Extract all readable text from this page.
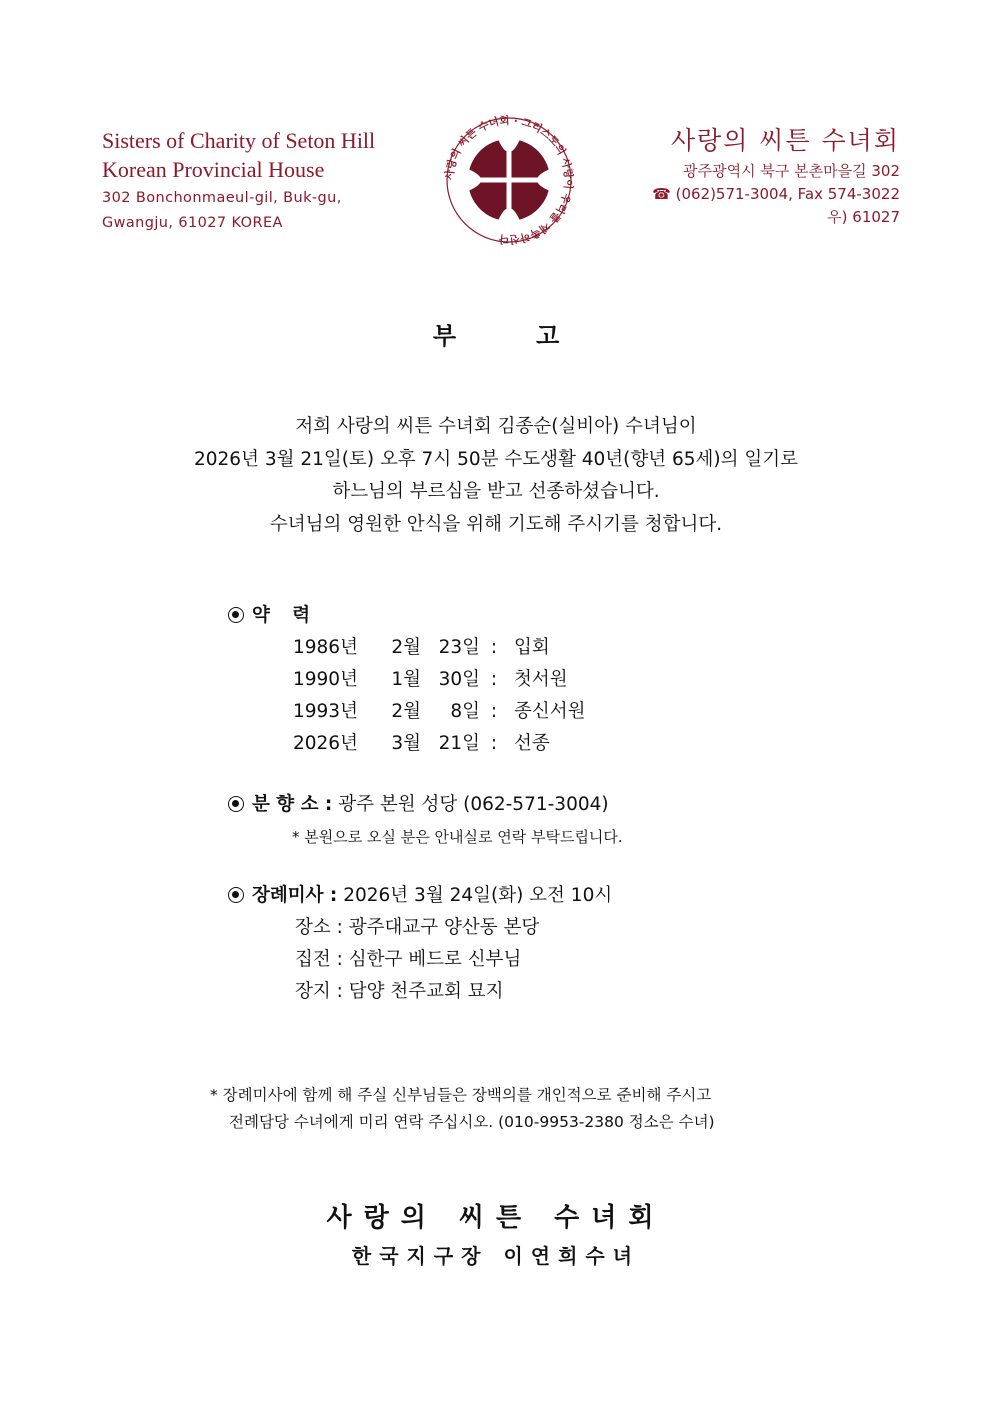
Sisters of Charity of Seton Hill
Korean Provincial House
302 Bonchonmaeul-gil, Buk-gu,
Gwangju, 61027 KOREA
사랑의 씨튼 수녀회 · 그리스도의 사랑이 우리를 재촉하신다
사랑의 씨튼 수녀회
광주광역시 북구 본촌마을길 302
☎ (062)571-3004, Fax 574-3022
우) 61027
부	고
저희 사랑의 씨튼 수녀회 김종순(실비아) 수녀님이
2026년 3월 21일(토) 오후 7시 50분 수도생활 40년(향년 65세)의 일기로
하느님의 부르심을 받고 선종하셨습니다.
수녀님의 영원한 안식을 위해 기도해 주시기를 청합니다.
약 력
1986년 2월 23일 : 입회
1990년 1월 30일 : 첫서원
1993년 2월 8일 : 종신서원
2026년 3월 21일 : 선종
분 향 소 : 광주 본원 성당 (062-571-3004)
* 본원으로 오실 분은 안내실로 연락 부탁드립니다.
장례미사 : 2026년 3월 24일(화) 오전 10시
장소 : 광주대교구 양산동 본당
집전 : 심한구 베드로 신부님
장지 : 담양 천주교회 묘지
* 장례미사에 함께 해 주실 신부님들은 장백의를 개인적으로 준비해 주시고
전례담당 수녀에게 미리 연락 주십시오. (010-9953-2380 정소은 수녀)
사랑의 씨튼 수녀회
한국지구장 이연희수녀
